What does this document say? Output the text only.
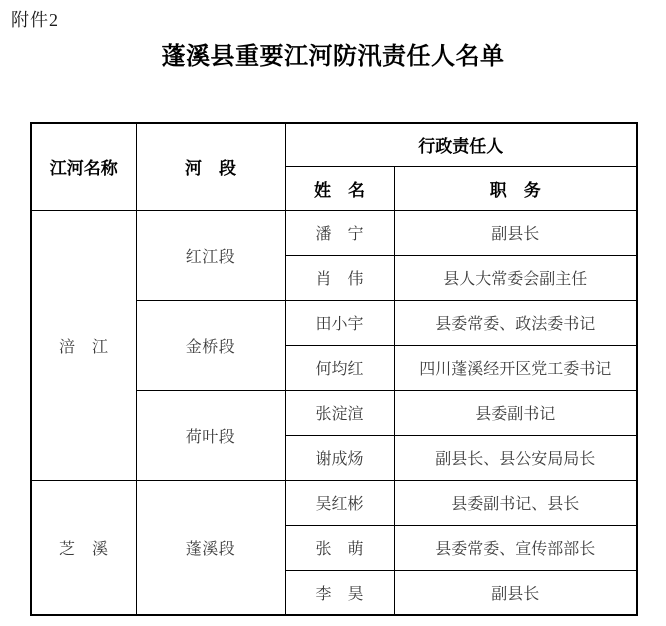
附件2
蓬溪县重要江河防汛责任人名单
江河名称	河　段	行政责任人	
		姓　名	职　务
涪　江	红江段	潘　宁	副县长
		肖　伟	县人大常委会副主任
	金桥段	田小宇	县委常委、政法委书记
		何均红	四川蓬溪经开区党工委书记
	荷叶段	张淀渲	县委副书记
		谢成炀	副县长、县公安局局长
芝　溪	蓬溪段	吴红彬	县委副书记、县长
		张　萌	县委常委、宣传部部长
		李　昊	副县长
